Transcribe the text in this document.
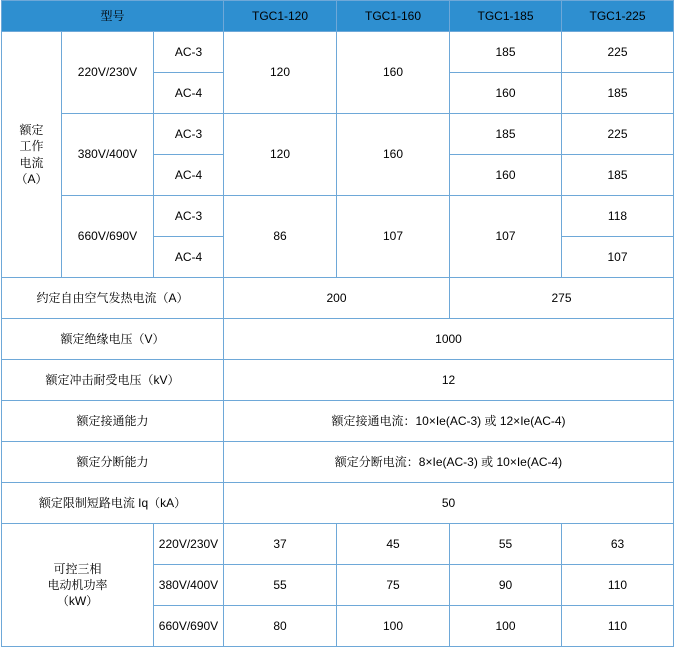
型号			TGC1-120	TGC1-160	TGC1-185	TGC1-225
额定
工作
电流
（A）	220V/230V	AC-3	120	160	185	225
		AC-4			160	185
	380V/400V	AC-3	120	160	185	225
		AC-4			160	185
	660V/690V	AC-3	86	107	107	118
		AC-4				107
约定自由空气发热电流（A）			200		275	
额定绝缘电压（V）			1000			
额定冲击耐受电压（kV）			12			
额定接通能力			额定接通电流：10×Ie(AC-3) 或 12×Ie(AC-4)			
额定分断能力			额定分断电流：8×Ie(AC-3) 或 10×Ie(AC-4)			
额定限制短路电流 Iq（kA）			50			
可控三相
电动机功率
（kW）		220V/230V	37	45	55	63
		380V/400V	55	75	90	110
		660V/690V	80	100	100	110
